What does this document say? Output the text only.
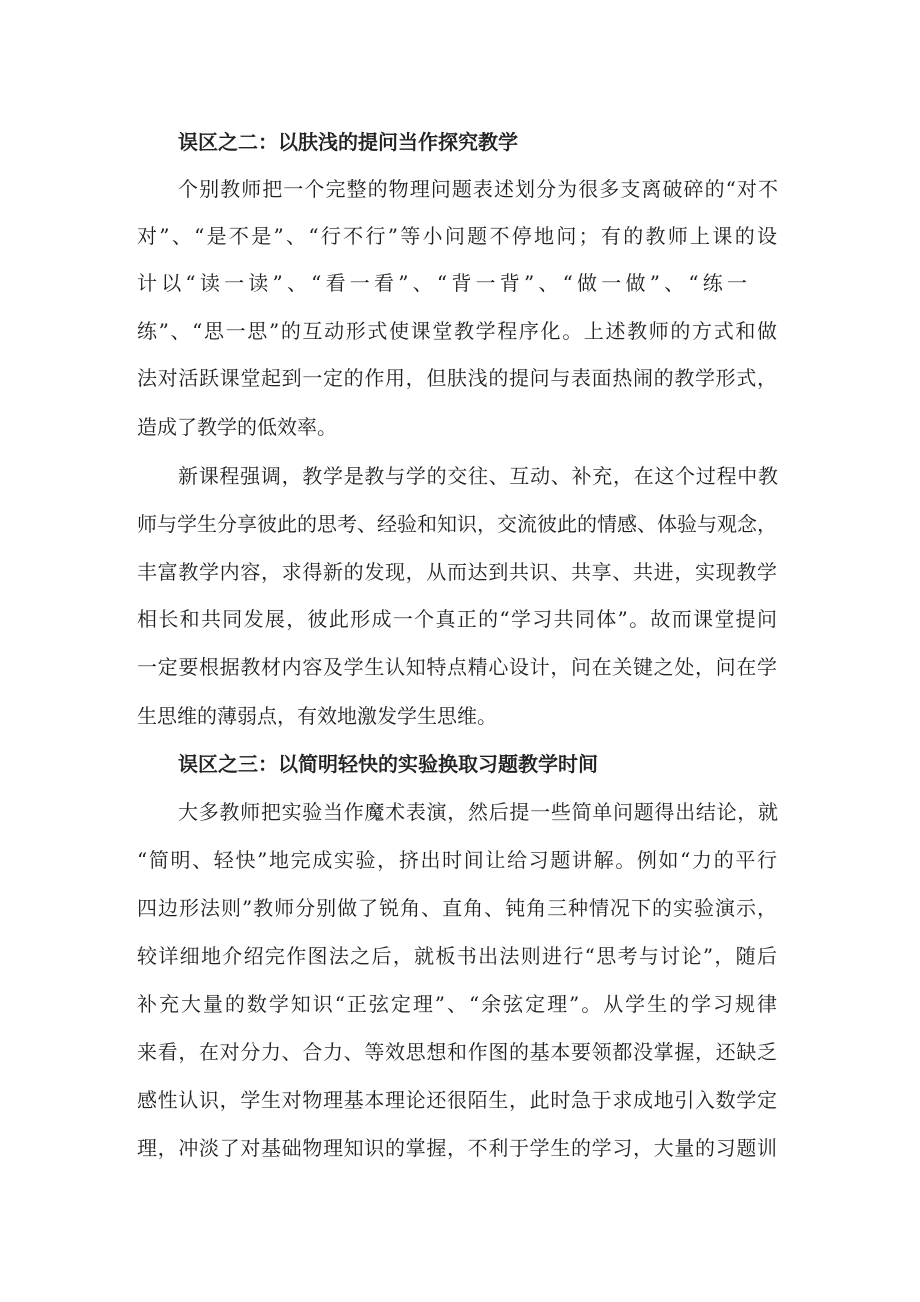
误区之二：以肤浅的提问当作探究教学

个别教师把一个完整的物理问题表述划分为很多支离破碎的“对不

对”、“是不是”、“行不行”等小问题不停地问；有的教师上课的设

计以“读一读”、“看一看”、“背一背”、“做一做”、“练一

练”、“思一思”的互动形式使课堂教学程序化。上述教师的方式和做

法对活跃课堂起到一定的作用，但肤浅的提问与表面热闹的教学形式，

造成了教学的低效率。

新课程强调，教学是教与学的交往、互动、补充，在这个过程中教

师与学生分享彼此的思考、经验和知识，交流彼此的情感、体验与观念，

丰富教学内容，求得新的发现，从而达到共识、共享、共进，实现教学

相长和共同发展，彼此形成一个真正的“学习共同体”。故而课堂提问

一定要根据教材内容及学生认知特点精心设计，问在关键之处，问在学

生思维的薄弱点，有效地激发学生思维。

误区之三：以简明轻快的实验换取习题教学时间

大多教师把实验当作魔术表演，然后提一些简单问题得出结论，就

“简明、轻快”地完成实验，挤出时间让给习题讲解。例如“力的平行

四边形法则”教师分别做了锐角、直角、钝角三种情况下的实验演示，

较详细地介绍完作图法之后，就板书出法则进行“思考与讨论”，随后

补充大量的数学知识“正弦定理”、“余弦定理”。从学生的学习规律

来看，在对分力、合力、等效思想和作图的基本要领都没掌握，还缺乏

感性认识，学生对物理基本理论还很陌生，此时急于求成地引入数学定

理，冲淡了对基础物理知识的掌握，不利于学生的学习，大量的习题训
